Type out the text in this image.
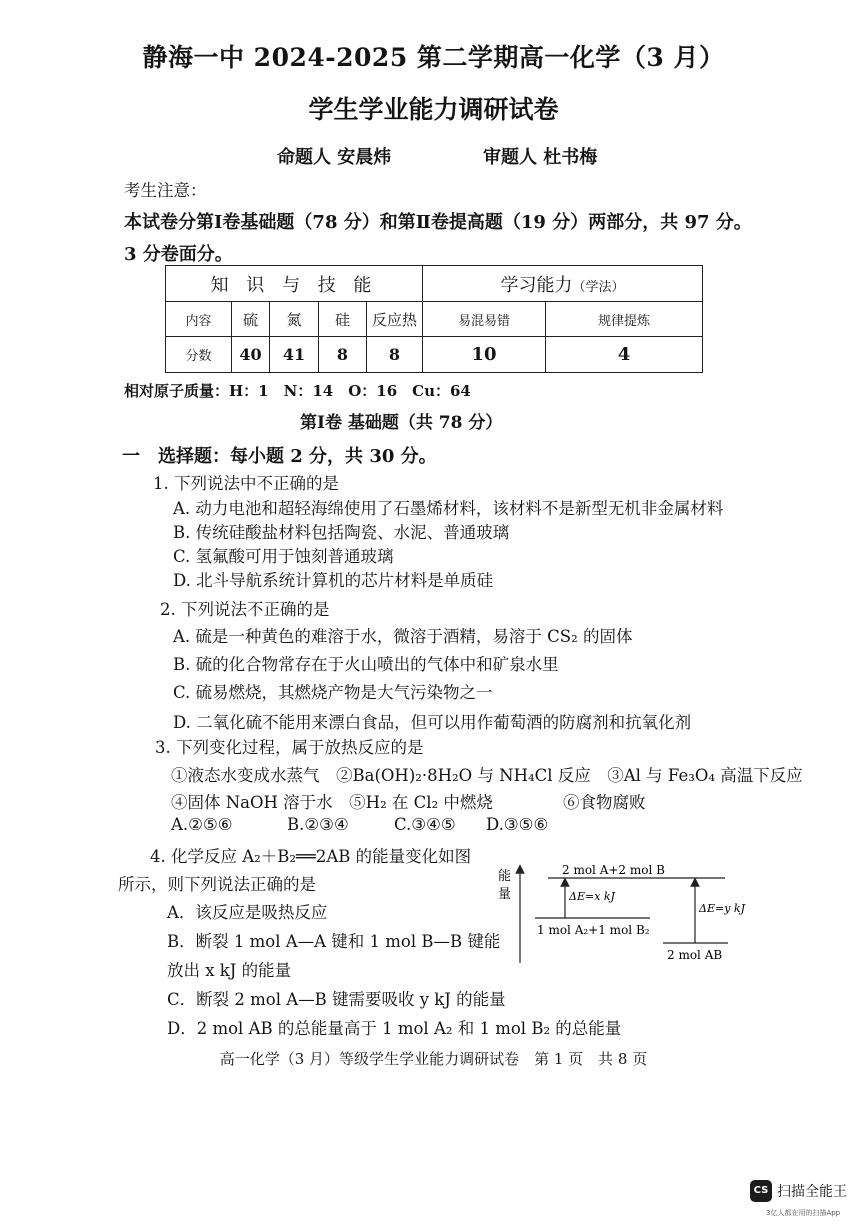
静海一中 2024-2025 第二学期高一化学（3 月）
学生学业能力调研试卷
命题人 安晨炜	审题人 杜书梅
考生注意：
本试卷分第Ⅰ卷基础题（78 分）和第Ⅱ卷提高题（19 分）两部分，共 97 分。
3 分卷面分。
知 识 与 技 能					学习能力（学法）	
内容	硫	氮	硅	反应热	易混易错	规律提炼
分数	40	41	8	8	10	4
相对原子质量：H：1　N：14　O：16　Cu：64
第Ⅰ卷 基础题（共 78 分）
一　选择题：每小题 2 分，共 30 分。
1. 下列说法中不正确的是
A. 动力电池和超轻海绵使用了石墨烯材料，该材料不是新型无机非金属材料
B. 传统硅酸盐材料包括陶瓷、水泥、普通玻璃
C. 氢氟酸可用于蚀刻普通玻璃
D. 北斗导航系统计算机的芯片材料是单质硅
2. 下列说法不正确的是
A. 硫是一种黄色的难溶于水，微溶于酒精，易溶于 CS₂ 的固体
B. 硫的化合物常存在于火山喷出的气体中和矿泉水里
C. 硫易燃烧，其燃烧产物是大气污染物之一
D. 二氧化硫不能用来漂白食品，但可以用作葡萄酒的防腐剂和抗氧化剂
3. 下列变化过程，属于放热反应的是
①液态水变成水蒸气　②Ba(OH)₂·8H₂O 与 NH₄Cl 反应　③Al 与 Fe₃O₄ 高温下反应
④固体 NaOH 溶于水　⑤H₂ 在 Cl₂ 中燃烧	⑥食物腐败
A.②⑤⑥	B.②③④	C.③④⑤ D.③⑤⑥
4. 化学反应 A₂＋B₂══2AB 的能量变化如图
所示，则下列说法正确的是
A．该反应是吸热反应
B．断裂 1 mol A—A 键和 1 mol B—B 键能
放出 x kJ 的能量
C．断裂 2 mol A—B 键需要吸收 y kJ 的能量
D．2 mol AB 的总能量高于 1 mol A₂ 和 1 mol B₂ 的总能量
能
量
2 mol A+2 mol B
1 mol A₂+1 mol B₂
2 mol AB
ΔE=x kJ
ΔE=y kJ
高一化学（3 月）等级学生学业能力调研试卷　第 1 页　共 8 页
CS 扫描全能王
3亿人都在用的扫描App
